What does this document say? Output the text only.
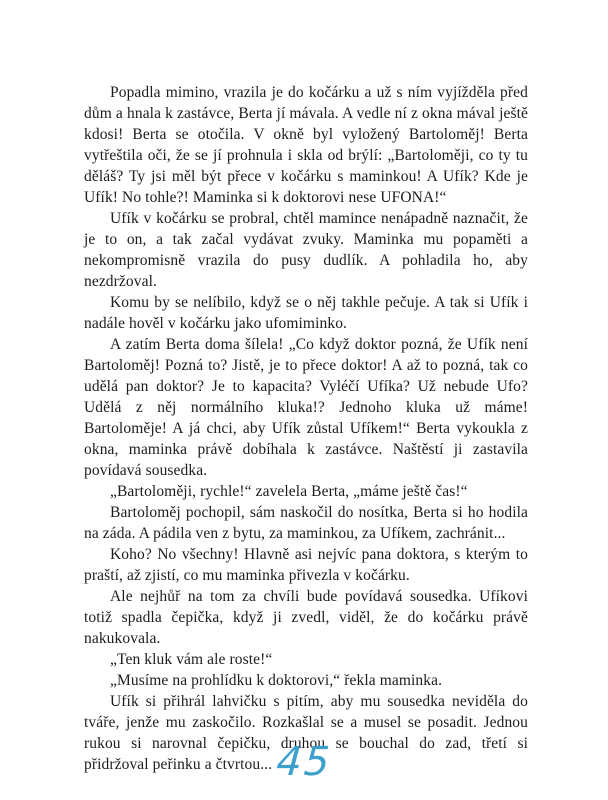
Popadla mimino, vrazila je do kočárku a už s ním vyjížděla před dům a hnala k zastávce, Berta jí mávala. A vedle ní z okna mával ještě kdosi! Berta se otočila. V okně byl vyložený Bartoloměj! Berta vytřeštila oči, že se jí prohnula i skla od brýlí: „Bartoloměji, co ty tu děláš? Ty jsi měl být přece v kočárku s maminkou! A Ufík? Kde je Ufík! No tohle?! Maminka si k doktorovi nese UFONA!“

Ufík v kočárku se probral, chtěl mamince nenápadně naznačit, že je to on, a tak začal vydávat zvuky. Maminka mu popaměti a nekompromisně vrazila do pusy dudlík. A pohladila ho, aby nezdržoval.

Komu by se nelíbilo, když se o něj takhle pečuje. A tak si Ufík i nadále hověl v kočárku jako ufomiminko.

A zatím Berta doma šílela! „Co když doktor pozná, že Ufík není Bartoloměj! Pozná to? Jistě, je to přece doktor! A až to pozná, tak co udělá pan doktor? Je to kapacita? Vyléčí Ufíka? Už nebude Ufo? Udělá z něj normálního kluka!? Jednoho kluka už máme! Bartoloměje! A já chci, aby Ufík zůstal Ufíkem!“ Berta vykoukla z okna, maminka právě dobíhala k zastávce. Naštěstí ji zastavila povídavá sousedka.

„Bartoloměji, rychle!“ zavelela Berta, „máme ještě čas!“

Bartoloměj pochopil, sám naskočil do nosítka, Berta si ho hodila na záda. A pádila ven z bytu, za maminkou, za Ufíkem, zachránit...

Koho? No všechny! Hlavně asi nejvíc pana doktora, s kterým to praští, až zjistí, co mu maminka přivezla v kočárku.

Ale nejhůř na tom za chvíli bude povídavá sousedka. Ufíkovi totiž spadla čepička, když ji zvedl, viděl, že do kočárku právě nakukovala.

„Ten kluk vám ale roste!“

„Musíme na prohlídku k doktorovi,“ řekla maminka.

Ufík si přihrál lahvičku s pitím, aby mu sousedka neviděla do tváře, jenže mu zaskočilo. Rozkašlal se a musel se posadit. Jednou rukou si narovnal čepičku, druhou se bouchal do zad, třetí si přidržoval peřinku a čtvrtou... 45
